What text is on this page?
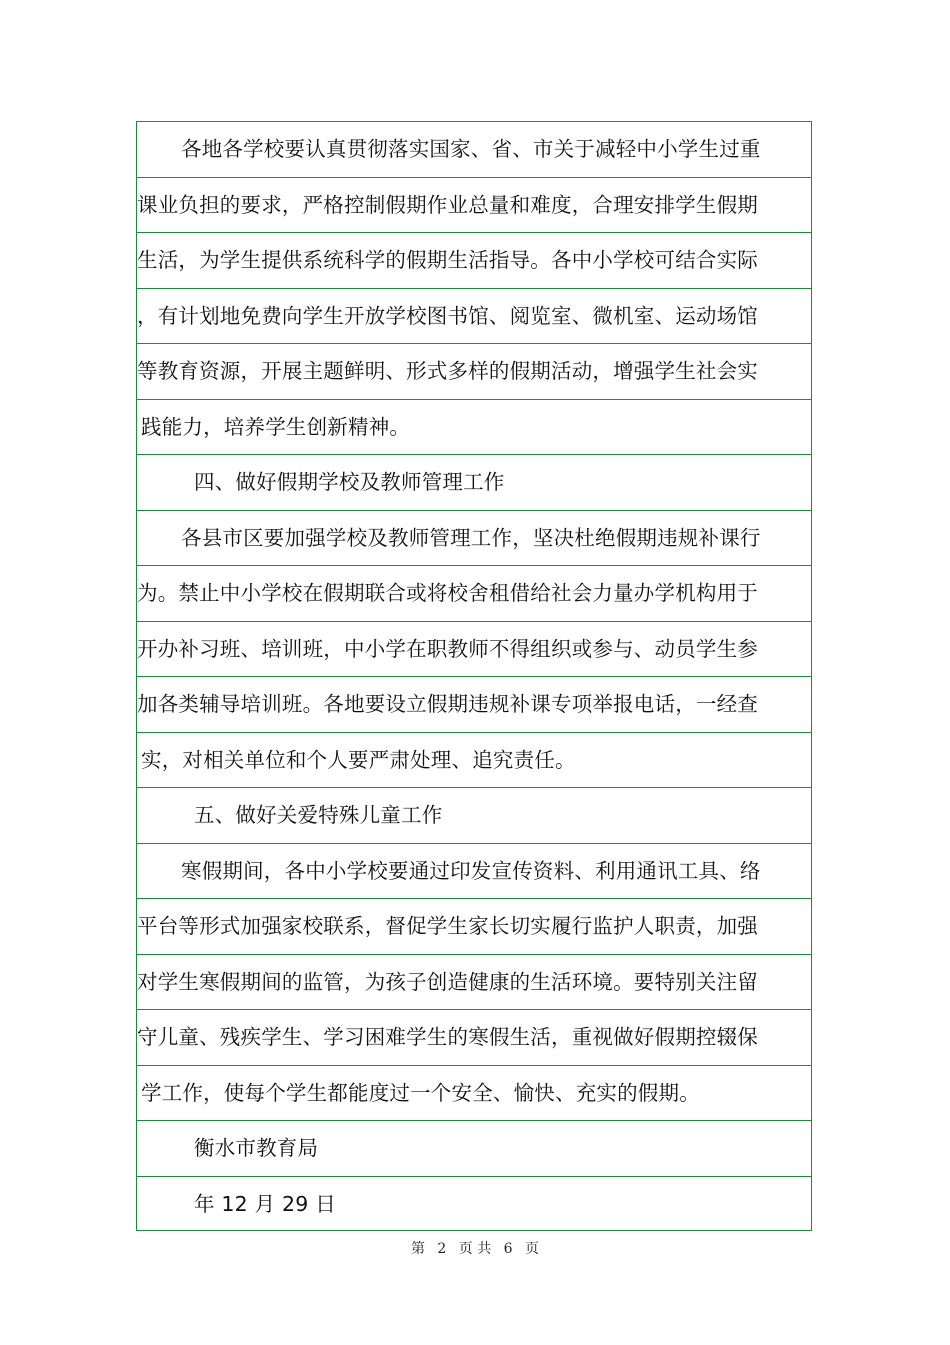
各地各学校要认真贯彻落实国家、省、市关于减轻中小学生过重
课业负担的要求，严格控制假期作业总量和难度，合理安排学生假期
生活，为学生提供系统科学的假期生活指导。各中小学校可结合实际
，有计划地免费向学生开放学校图书馆、阅览室、微机室、运动场馆
等教育资源，开展主题鲜明、形式多样的假期活动，增强学生社会实
践能力，培养学生创新精神。
四、做好假期学校及教师管理工作
各县市区要加强学校及教师管理工作，坚决杜绝假期违规补课行
为。禁止中小学校在假期联合或将校舍租借给社会力量办学机构用于
开办补习班、培训班，中小学在职教师不得组织或参与、动员学生参
加各类辅导培训班。各地要设立假期违规补课专项举报电话，一经查
实，对相关单位和个人要严肃处理、追究责任。
五、做好关爱特殊儿童工作
寒假期间，各中小学校要通过印发宣传资料、利用通讯工具、络
平台等形式加强家校联系，督促学生家长切实履行监护人职责，加强
对学生寒假期间的监管，为孩子创造健康的生活环境。要特别关注留
守儿童、残疾学生、学习困难学生的寒假生活，重视做好假期控辍保
学工作，使每个学生都能度过一个安全、愉快、充实的假期。
衡水市教育局
年 12 月 29 日
第 2 页 共 6 页
